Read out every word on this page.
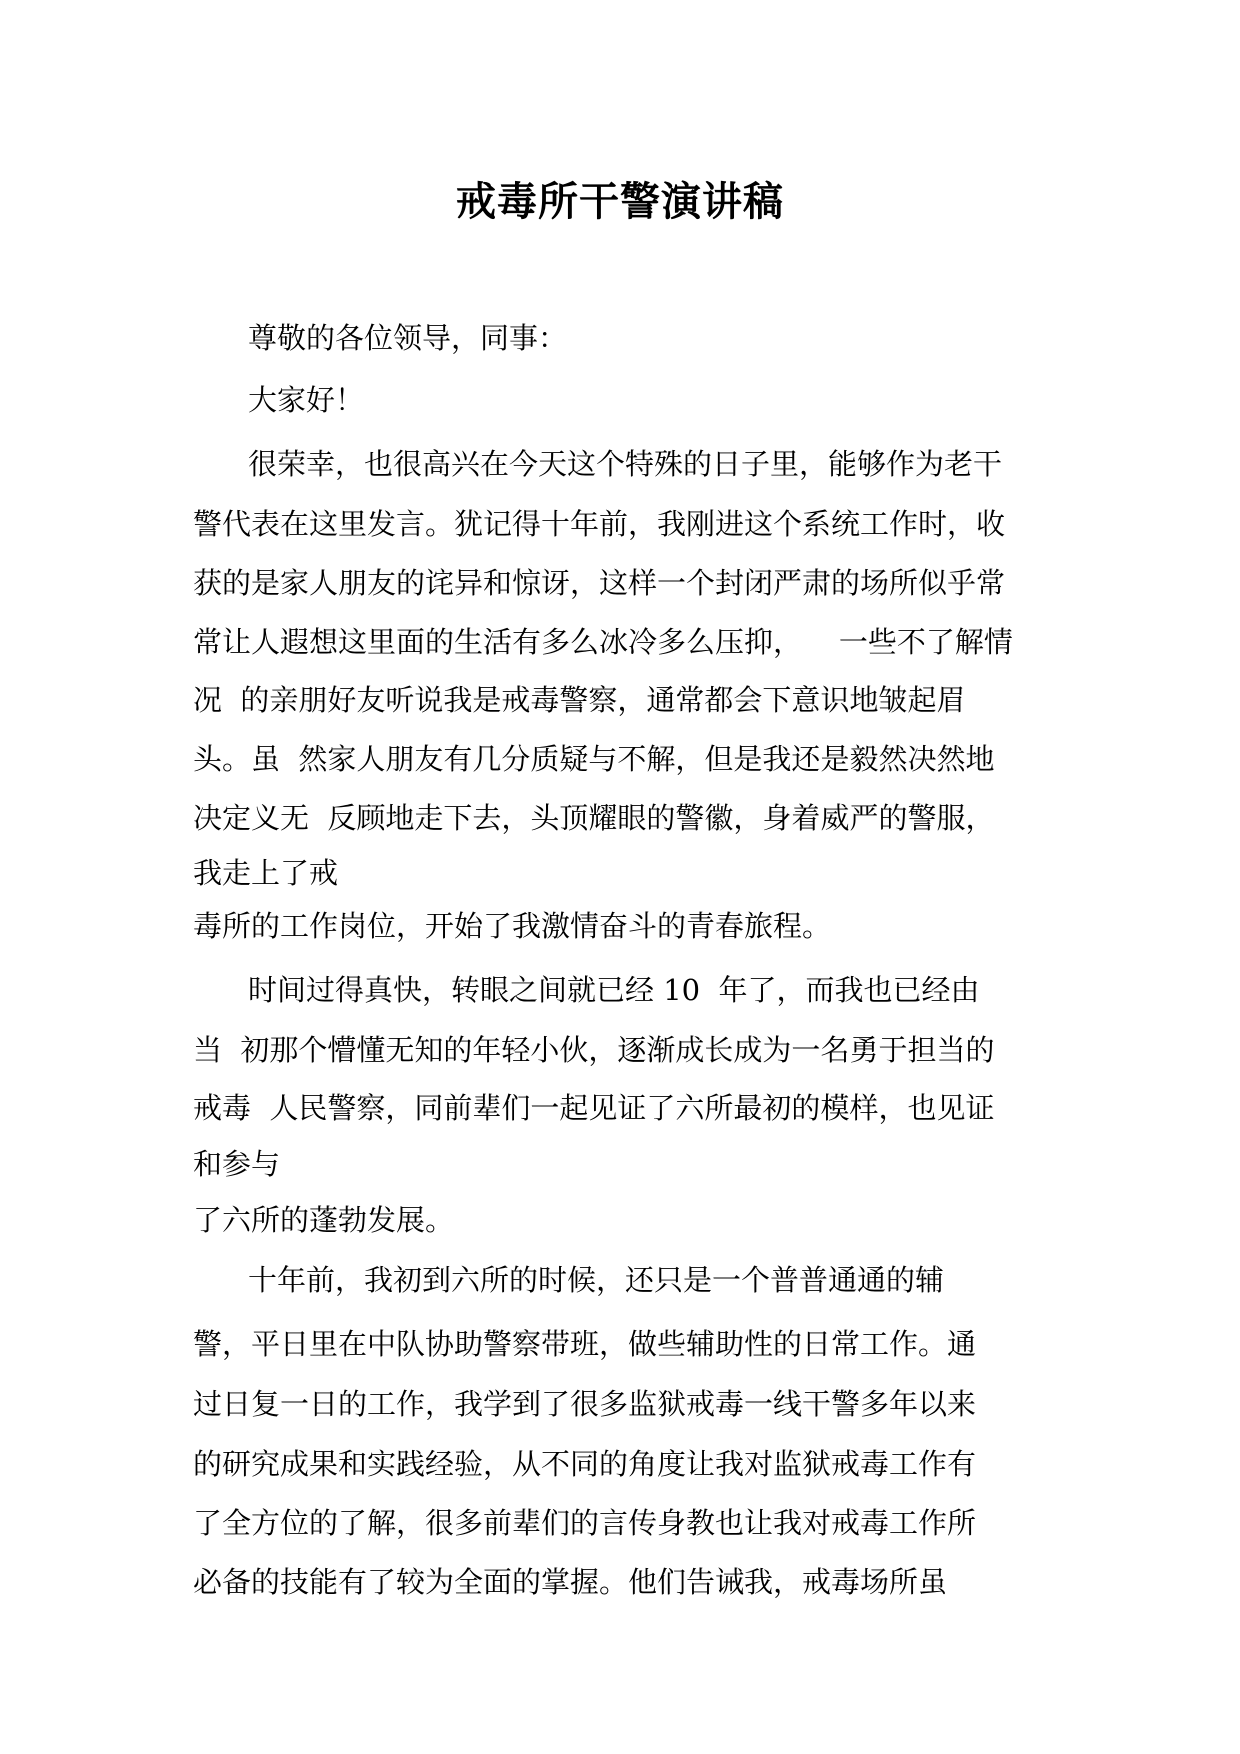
戒毒所干警演讲稿
尊敬的各位领导，同事：
大家好！
很荣幸，也很高兴在今天这个特殊的日子里，能够作为老干
警代表在这里发言。犹记得十年前，我刚进这个系统工作时，收
获的是家人朋友的诧异和惊讶，这样一个封闭严肃的场所似乎常
常让人遐想这里面的生活有多么冰冷多么压抑，    一些不了解情
况  的亲朋好友听说我是戒毒警察，通常都会下意识地皱起眉
头。虽  然家人朋友有几分质疑与不解，但是我还是毅然决然地
决定义无  反顾地走下去，头顶耀眼的警徽，身着威严的警服，
我走上了戒
毒所的工作岗位，开始了我激情奋斗的青春旅程。
时间过得真快，转眼之间就已经 10  年了，而我也已经由
当  初那个懵懂无知的年轻小伙，逐渐成长成为一名勇于担当的
戒毒  人民警察，同前辈们一起见证了六所最初的模样，也见证
和参与
了六所的蓬勃发展。
十年前，我初到六所的时候，还只是一个普普通通的辅
警，平日里在中队协助警察带班，做些辅助性的日常工作。通
过日复一日的工作，我学到了很多监狱戒毒一线干警多年以来
的研究成果和实践经验，从不同的角度让我对监狱戒毒工作有
了全方位的了解，很多前辈们的言传身教也让我对戒毒工作所
必备的技能有了较为全面的掌握。他们告诫我，戒毒场所虽
